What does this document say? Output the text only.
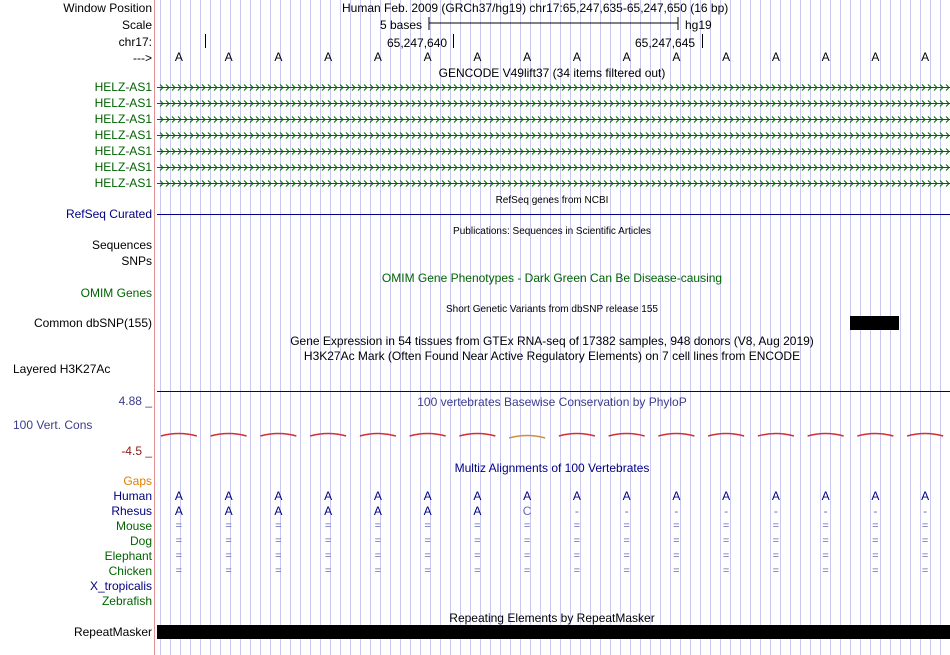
Window Position
Scale
chr17:
--->
HELZ-AS1
HELZ-AS1
HELZ-AS1
HELZ-AS1
HELZ-AS1
HELZ-AS1
HELZ-AS1
RefSeq Curated
Sequences
SNPs
OMIM Genes
Common dbSNP(155)
Layered H3K27Ac
4.88 _
100 Vert. Cons
-4.5 _
Gaps
Human
Rhesus
Mouse
Dog
Elephant
Chicken
X_tropicalis
Zebrafish
RepeatMasker
Human Feb. 2009 (GRCh37/hg19) chr17:65,247,635-65,247,650 (16 bp)
5 bases	hg19
65,247,640	65,247,645
A	A	A	A	A	A	A	A	A	A	A	A	A	A	A	A
GENCODE V49lift37 (34 items filtered out)
RefSeq genes from NCBI
Publications: Sequences in Scientific Articles
OMIM Gene Phenotypes - Dark Green Can Be Disease-causing
Short Genetic Variants from dbSNP release 155
Gene Expression in 54 tissues from GTEx RNA-seq of 17382 samples, 948 donors (V8, Aug 2019)
H3K27Ac Mark (Often Found Near Active Regulatory Elements) on 7 cell lines from ENCODE
100 vertebrates Basewise Conservation by PhyloP
Multiz Alignments of 100 Vertebrates
A	A	A	A	A	A	A	A	A	A	A	A	A	A	A	A
A	A	A	A	A	A	A	C	-	-	-	-	-	-	-	-
=	=	=	=	=	=	=	=	=	=	=	=	=	=	=	=
=	=	=	=	=	=	=	=	=	=	=	=	=	=	=	=
=	=	=	=	=	=	=	=	=	=	=	=	=	=	=	=
=	=	=	=	=	=	=	=	=	=	=	=	=	=	=	=
Repeating Elements by RepeatMasker
